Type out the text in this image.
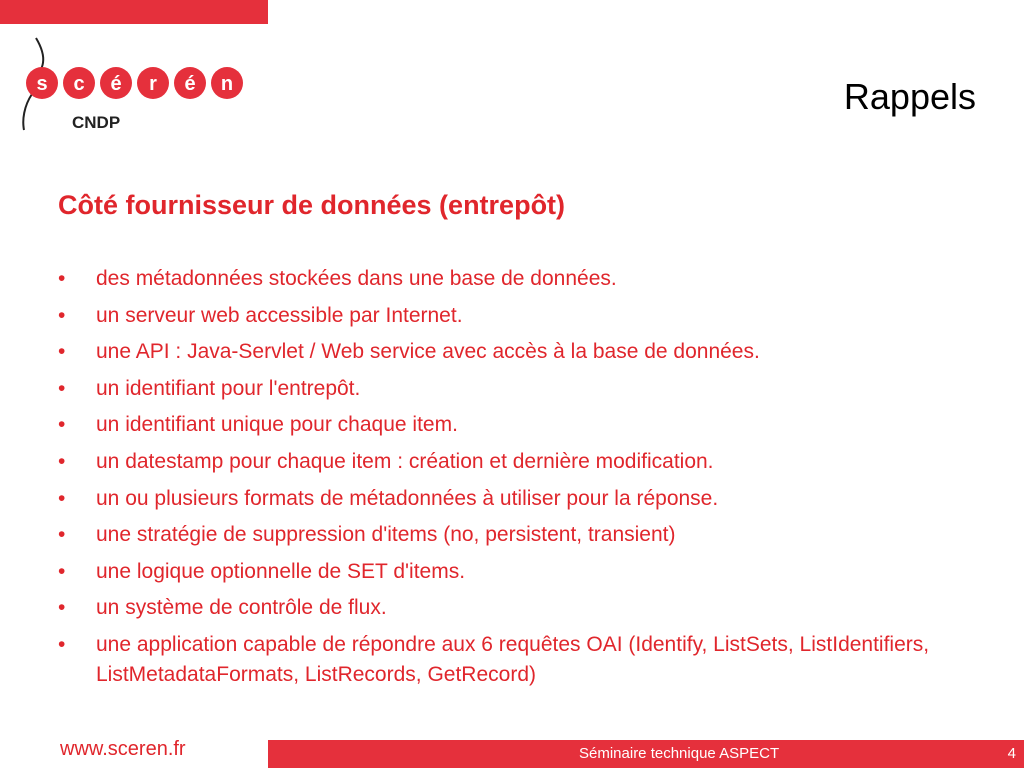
s c é r é n
CNDP
Rappels
Côté fournisseur de données (entrepôt)
•	des métadonnées stockées dans une base de données.
•	un serveur web accessible par Internet.
•	une API : Java-Servlet / Web service avec accès à la base de données.
•	un identifiant pour l'entrepôt.
•	un identifiant unique pour chaque item.
•	un datestamp pour chaque item : création et dernière modification.
•	un ou plusieurs formats de métadonnées à utiliser pour la réponse.
•	une stratégie de suppression d'items (no, persistent, transient)
•	une logique optionnelle de SET d'items.
•	un système de contrôle de flux.
•	une application capable de répondre aux 6 requêtes OAI (Identify, ListSets, ListIdentifiers, ListMetadataFormats, ListRecords, GetRecord)
www.sceren.fr	Séminaire technique ASPECT	4
